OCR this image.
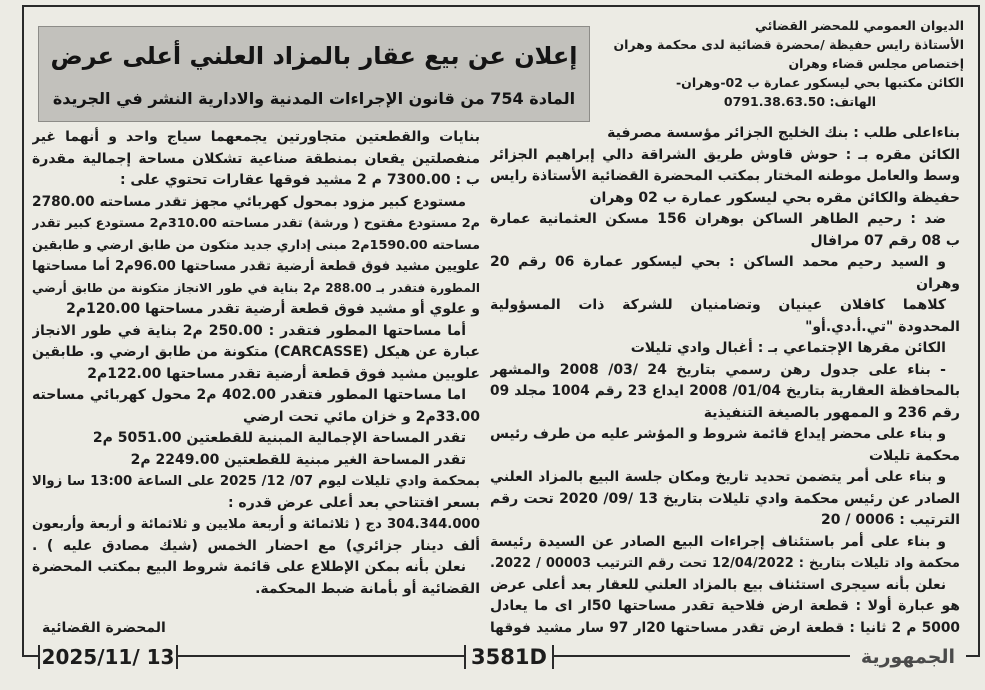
الديوان العمومي للمحضر القضائي
الأستاذة رايس حفيظة /محضرة قضائية لدى محكمة وهران
إختصاص مجلس قضاء وهران
الكائن مكتبها بحي ليسكور عمارة ب 02-وهران-
الهاتف: 0791.38.63.50
إعلان عن بيع عقار بالمزاد العلني أعلى عرض
المادة 754 من قانون الإجراءات المدنية والادارية النشر في الجريدة
بناءاعلى طلب : بنك الخليج الجزائر مؤسسة مصرفية
الكائن مقره بـ : حوش قاوش طريق الشراقة دالي إبراهيم الجزائر
وسط والعامل موطنه المختار بمكتب المحضرة القضائية الأستاذة رايس
حفيظة والكائن مقره بحي ليسكور عمارة ب 02 وهران
ضد : رحيم الطاهر الساكن بوهران 156 مسكن العثمانية عمارة
ب 08 رقم 07 مرافال
و السيد رحيم محمد الساكن : بحي ليسكور عمارة 06 رقم 20
وهران
كلاهما كافلان عينيان وتضامنيان للشركة ذات المسؤولية
المحدودة "تي.أ.دي.أو"
الكائن مقرها الإجتماعي بـ : أغبال وادي تليلات
- بناء على جدول رهن رسمي بتاريخ 24 /03/ 2008 والمشهر
بالمحافظة العقارية بتاريخ 01/04/ 2008 ايداع 23 رقم 1004 مجلد 09
رقم 236 و الممهور بالصيغة التنفيذية
و بناء على محضر إيداع قائمة شروط و المؤشر عليه من طرف رئيس
محكمة تليلات
و بناء على أمر يتضمن تحديد تاريخ ومكان جلسة البيع بالمزاد العلني
الصادر عن رئيس محكمة وادي تليلات بتاريخ 13 /09/ 2020 تحت رقم
الترتيب : 0006 / 20
و بناء على أمر باستئناف إجراءات البيع الصادر عن السيدة رئيسة
محكمة واد تليلات بتاريخ : 12/04/2022 تحت رقم الترتيب 00003 / 2022.
نعلن بأنه سيجرى استئناف بيع بالمزاد العلني للعقار بعد أعلى عرض
هو عبارة أولا : قطعة ارض فلاحية تقدر مساحتها 50ار اى ما يعادل
5000 م 2 ثانيا : قطعة ارض تقدر مساحتها 20ار 97 سار مشيد فوقها
بنايات والقطعتين متجاورتين يجمعهما سياج واحد و أنهما غير
منفصلتين يقعان بمنطقة صناعية تشكلان مساحة إجمالية مقدرة
ب : 7300.00 م 2 مشيد فوقها عقارات تحتوي على :
مستودع كبير مزود بمحول كهربائي مجهز تقدر مساحته 2780.00
م2 مستودع مفتوح ( ورشة) تقدر مساحته 310.00م2 مستودع كبير تقدر
مساحته 1590.00م2 مبنى إداري جديد متكون من طابق ارضي و طابقين
علويين مشيد فوق قطعة أرضية تقدر مساحتها 96.00م2 أما مساحتها
المطورة فتقدر بـ 288.00 م2 بناية في طور الانجاز متكونة من طابق أرضي
و علوي أو مشيد فوق قطعة أرضية تقدر مساحتها 120.00م2
أما مساحتها المطور فتقدر : 250.00 م2 بناية في طور الانجاز
عبارة عن هيكل (CARCASSE) متكونة من طابق ارضي و. طابقين
علويين مشيد فوق قطعة أرضية تقدر مساحتها 122.00م2
اما مساحتها المطور فتقدر 402.00 م2 محول كهربائي مساحته
33.00م2 و خزان مائي تحت ارضي
تقدر المساحة الإجمالية المبنية للقطعتين 5051.00 م2
تقدر المساحة الغير مبنية للقطعتين 2249.00 م2
بمحكمة وادي تليلات ليوم 07/ 12/ 2025 على الساعة 13:00 سا زوالا
بسعر افتتاحي بعد أعلى عرض قدره :
304.344.000 دج ( ثلاثمائة و أربعة ملايين و ثلاثمائة و أربعة وأربعون
ألف دينار جزائري) مع احضار الخمس (شيك مصادق عليه ) .
نعلن بأنه بمكن الإطلاع على قائمة شروط البيع بمكتب المحضرة
القضائية أو بأمانة ضبط المحكمة.
المحضرة القضائية
2025/11/ 13	3581D	الجمهورية
